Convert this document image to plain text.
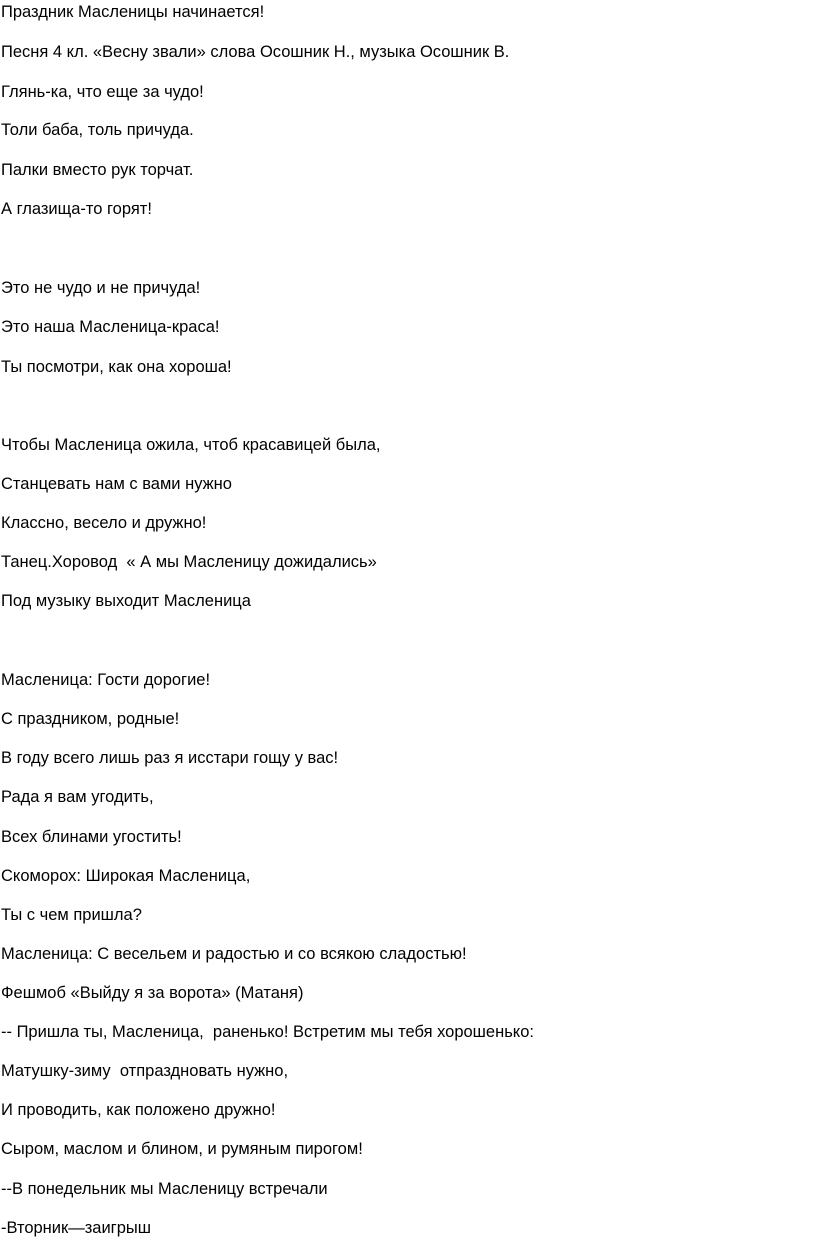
Праздник Масленицы начинается!
Песня 4 кл. «Весну звали» слова Осошник Н., музыка Осошник В.
Глянь-ка, что еще за чудо!
Толи баба, толь причуда.
Палки вместо рук торчат.
А глазища-то горят!
Это не чудо и не причуда!
Это наша Масленица-краса!
Ты посмотри, как она хороша!
Чтобы Масленица ожила, чтоб красавицей была,
Станцевать нам с вами нужно
Классно, весело и дружно!
Танец.Хоровод  « А мы Масленицу дожидались»
Под музыку выходит Масленица
Масленица: Гости дорогие!
С праздником, родные!
В году всего лишь раз я исстари гощу у вас!
Рада я вам угодить,
Всех блинами угостить!
Скоморох: Широкая Масленица,
Ты с чем пришла?
Масленица: С весельем и радостью и со всякою сладостью!
Фешмоб «Выйду я за ворота» (Матаня)
-- Пришла ты, Масленица,  раненько! Встретим мы тебя хорошенько:
Матушку-зиму  отпраздновать нужно,
И проводить, как положено дружно!
Сыром, маслом и блином, и румяным пирогом!
--В понедельник мы Масленицу встречали
-Вторник—заигрыш
